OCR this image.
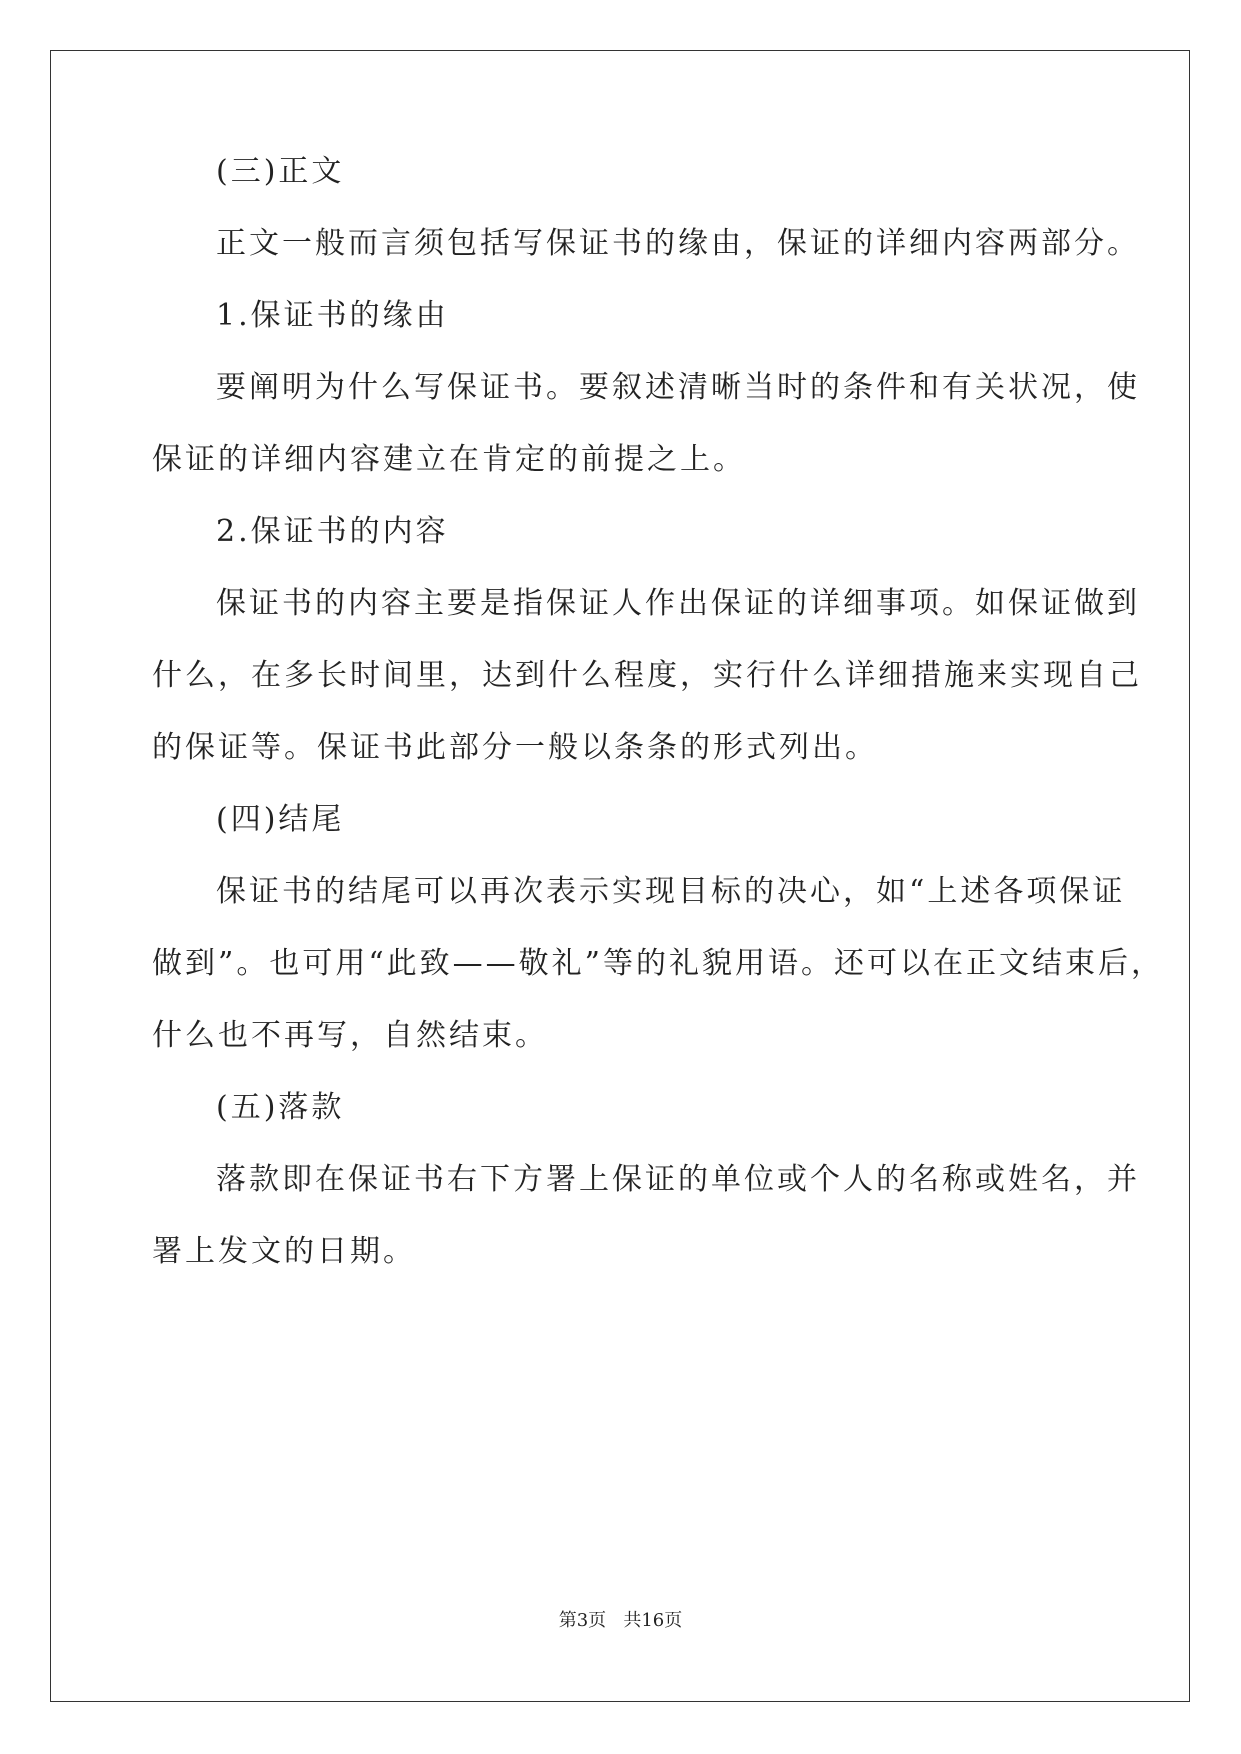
(三)正文
正文一般而言须包括写保证书的缘由，保证的详细内容两部分。
1.保证书的缘由
要阐明为什么写保证书。要叙述清晰当时的条件和有关状况，使
保证的详细内容建立在肯定的前提之上。
2.保证书的内容
保证书的内容主要是指保证人作出保证的详细事项。如保证做到
什么，在多长时间里，达到什么程度，实行什么详细措施来实现自己
的保证等。保证书此部分一般以条条的形式列出。
(四)结尾
保证书的结尾可以再次表示实现目标的决心，如“上述各项保证
做到”。也可用“此致——敬礼”等的礼貌用语。还可以在正文结束后，
什么也不再写，自然结束。
(五)落款
落款即在保证书右下方署上保证的单位或个人的名称或姓名，并
署上发文的日期。
第3页   共16页
